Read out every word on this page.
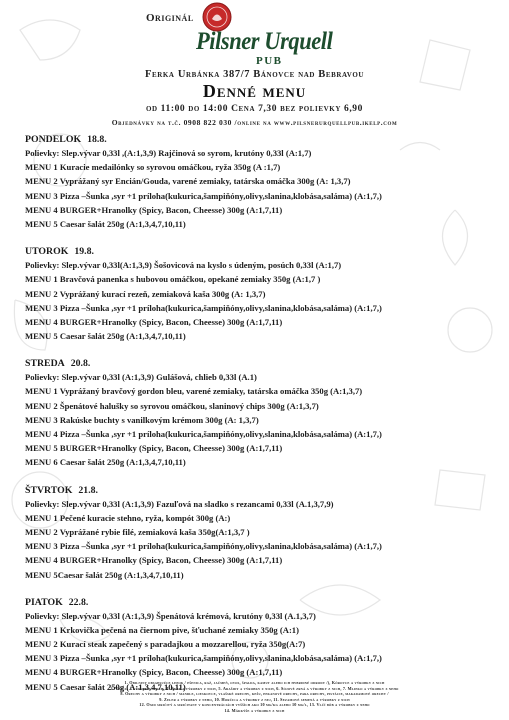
Originál
Pilsner Urquell
PUB
Ferka Urbánka 387/7 Bánovce nad Bebravou
Denné menu
od 11:00 do 14:00 Cena 7,30 bez polievky 6,90
Objednávky na t.č. 0908 822 030 /online na www.pilsnerurquellpub.ikelp.com
PONDELOK 18.8.
Polievky: Slep.vývar 0,33l ,(A:1,3,9) Rajčinová so syrom, krutóny 0,33l (A:1,7)
MENU 1 Kuracie medailónky so syrovou omáčkou, ryža 350g (A :1,7)
MENU 2 Vyprážaný syr Encián/Gouda, varené zemiaky, tatárska omáčka 300g (A: 1,3,7)
MENU 3 Pizza –Šunka ,syr +1 príloha(kukurica,šampiňóny,olivy,slanina,klobása,saláma) (A:1,7,)
MENU 4 BURGER+Hranolky (Spicy, Bacon, Cheesse) 300g (A:1,7,11)
MENU 5 Caesar šalát 250g (A:1,3,4,7,10,11)
UTOROK 19.8.
Polievky: Slep.vývar 0,33l(A:1,3,9) Šošovicová na kyslo s údeným, posúch 0,33l (A:1,7)
MENU 1 Bravčová panenka s hubovou omáčkou, opekané zemiaky 350g (A:1,7 )
MENU 2 Vyprážaný kurací rezeň, zemiaková kaša 300g (A: 1,3,7)
MENU 3 Pizza –Šunka ,syr +1 príloha(kukurica,šampiňóny,olivy,slanina,klobása,saláma) (A:1,7,)
MENU 4 BURGER+Hranolky (Spicy, Bacon, Cheesse) 300g (A:1,7,11)
MENU 5 Caesar šalát 250g (A:1,3,4,7,10,11)
STREDA 20.8.
Polievky: Slep.vývar 0,33l (A:1,3,9) Gulášová, chlieb 0,33l (A.1)
MENU 1 Vyprážaný bravčový gordon bleu, varené zemiaky, tatárska omáčka 350g (A:1,3,7)
MENU 2 Špenátové halušky so syrovou omáčkou, slaninový chips 300g (A:1,3,7)
MENU 3 Rakúske buchty s vanilkovým krémom 300g (A: 1,3,7)
MENU 4 Pizza –Šunka ,syr +1 príloha(kukurica,šampiňóny,olivy,slanina,klobása,saláma) (A:1,7,)
MENU 5 BURGER+Hranolky (Spicy, Bacon, Cheesse) 300g (A:1,7,11)
MENU 6 Caesar šalát 250g (A:1,3,4,7,10,11)
ŠTVRTOK 21.8.
Polievky: Slep.vývar 0,33l (A:1,3,9) Fazuľová na sladko s rezancami 0,33l (A.1,3,7,9)
MENU 1 Pečené kuracie stehno, ryža, kompót 300g (A:)
MENU 2 Vyprážané rybie filé, zemiaková kaša 350g(A:1,3,7 )
MENU 3 Pizza –Šunka ,syr +1 príloha(kukurica,šampiňóny,olivy,slanina,klobása,saláma) (A:1,7,)
MENU 4 BURGER+Hranolky (Spicy, Bacon, Cheesse) 300g (A:1,7,11)
MENU 5Caesar šalát 250g (A:1,3,4,7,10,11)
PIATOK 22.8.
Polievky: Slep.vývar 0,33l (A:1,3,9) Špenátová krémová, krutóny 0,33l (A.1,3,7)
MENU 1 Krkovička pečená na čiernom pive, šťuchané zemiaky 350g (A:1)
MENU 2 Kurací steak zapečený s paradajkou a mozzarellou, ryža 350g(A:7)
MENU 3 Pizza –Šunka ,syr +1 príloha(kukurica,šampiňóny,olivy,slanina,klobása,saláma) (A:1,7,)
MENU 4 BURGER+Hranolky (Spicy, Bacon, Cheesse) 300g (A:1,7,11)
MENU 5 Caesar šalát 250g (A:1,3,4,7,10,11)
1. Obilniny obsahujúce lepok / pšenica, raž, jačmeň, ovos, špalda, kamut alebo ich hybridné odrody /), Kôrovce a výrobky z nich
3. Vajcia a výrobky z nich, 4. Ryby a výrobky z nich, 5. Arašidy a výrobky z nich, 6. Sójové zrná a výrobky z nich, 7. Mlieko a výrobky z neho
8. Orechy a výrobky z nich / mandle, lieskovce, vlašské orechy, kešu, pekanové orechy, para orechy, pistácie, makadamové orechy /
9. Zeler a výrobky z neho, 10. Horčica a výrobky z nej, 11. Sezamové semená a výrobky z nich
12. Oxid siričitý a siričitany v koncentráciách vyšších ako 10 mg/kg alebo 10 mg/l, 13. Vlčí bôb a výrobky z neho
14. Mäkkýše a výrobky z nich
